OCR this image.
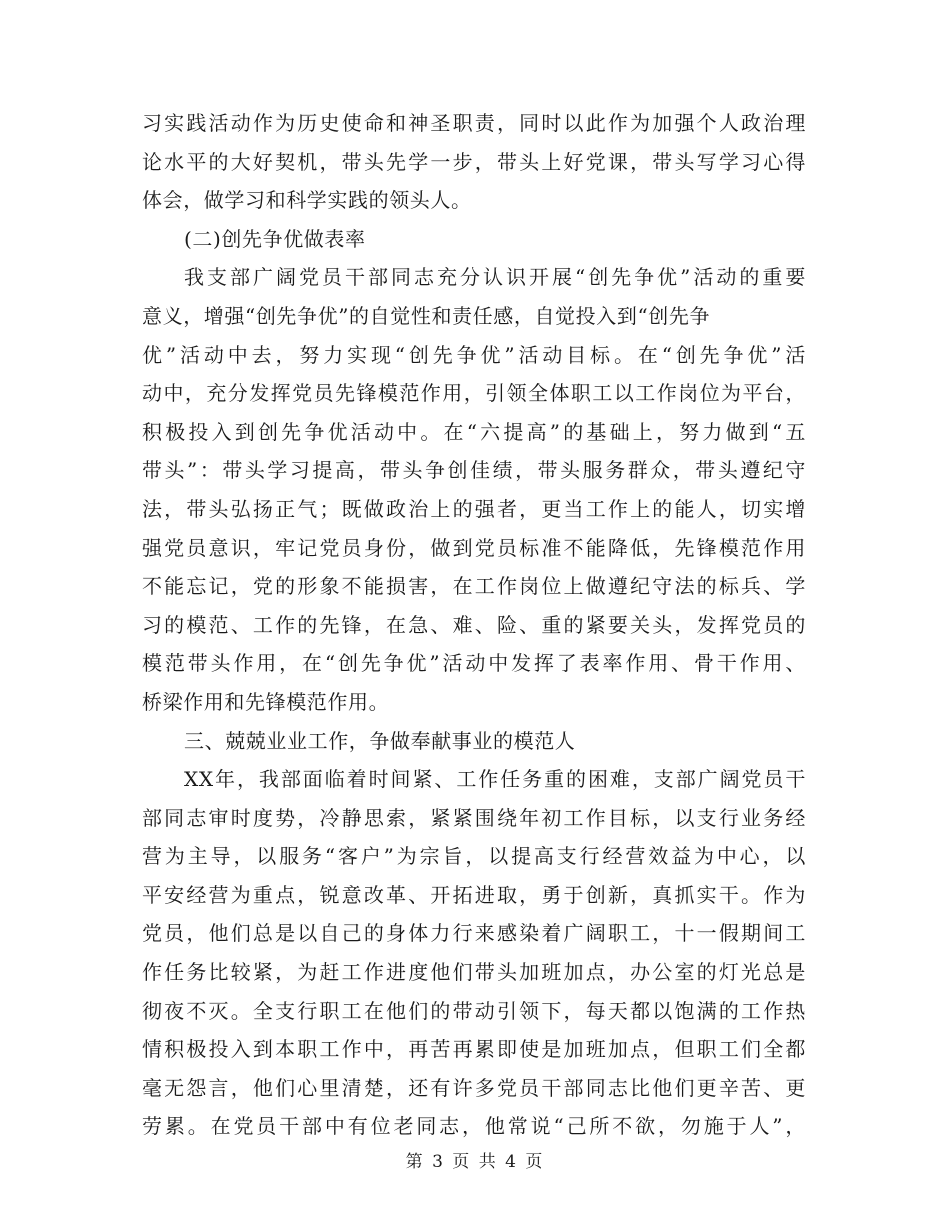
习实践活动作为历史使命和神圣职责，同时以此作为加强个人政治理
论水平的大好契机，带头先学一步，带头上好党课，带头写学习心得
体会，做学习和科学实践的领头人。
(二)创先争优做表率
我支部广阔党员干部同志充分认识开展“创先争优”活动的重要
意义，增强“创先争优”的自觉性和责任感，自觉投入到“创先争
优”活动中去，努力实现“创先争优”活动目标。在“创先争优”活
动中，充分发挥党员先锋模范作用，引领全体职工以工作岗位为平台，
积极投入到创先争优活动中。在“六提高”的基础上，努力做到“五
带头”：带头学习提高，带头争创佳绩，带头服务群众，带头遵纪守
法，带头弘扬正气；既做政治上的强者，更当工作上的能人，切实增
强党员意识，牢记党员身份，做到党员标准不能降低，先锋模范作用
不能忘记，党的形象不能损害，在工作岗位上做遵纪守法的标兵、学
习的模范、工作的先锋，在急、难、险、重的紧要关头，发挥党员的
模范带头作用，在“创先争优”活动中发挥了表率作用、骨干作用、
桥梁作用和先锋模范作用。
三、兢兢业业工作，争做奉献事业的模范人
XX年，我部面临着时间紧、工作任务重的困难，支部广阔党员干
部同志审时度势，冷静思索，紧紧围绕年初工作目标，以支行业务经
营为主导，以服务“客户”为宗旨，以提高支行经营效益为中心，以
平安经营为重点，锐意改革、开拓进取，勇于创新，真抓实干。作为
党员，他们总是以自己的身体力行来感染着广阔职工，十一假期间工
作任务比较紧，为赶工作进度他们带头加班加点，办公室的灯光总是
彻夜不灭。全支行职工在他们的带动引领下，每天都以饱满的工作热
情积极投入到本职工作中，再苦再累即使是加班加点，但职工们全都
毫无怨言，他们心里清楚，还有许多党员干部同志比他们更辛苦、更
劳累。在党员干部中有位老同志，他常说“己所不欲，勿施于人”，
第 3 页 共 4 页
